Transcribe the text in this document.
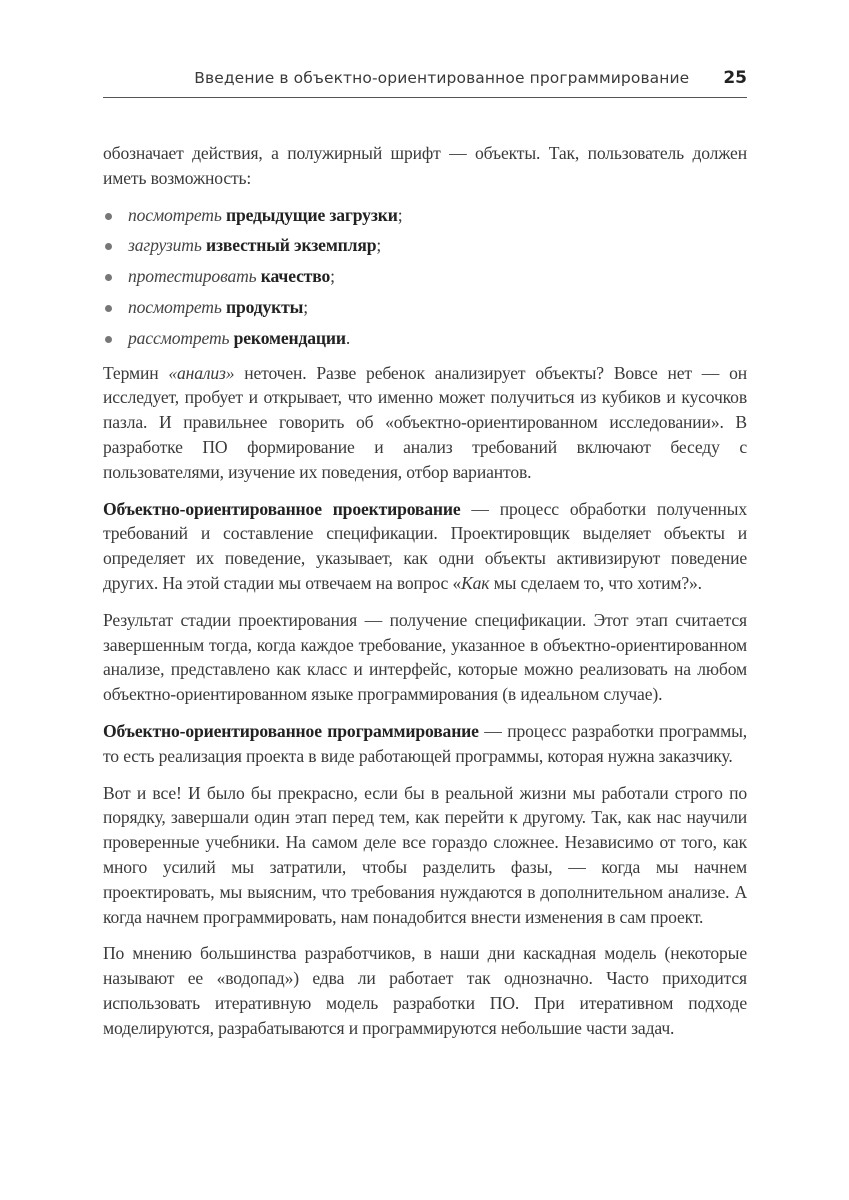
Введение в объектно-ориентированное программирование 25

обозначает действия, а полужирный шрифт — объекты. Так, пользователь должен иметь возможность:

посмотреть предыдущие загрузки;
загрузить известный экземпляр;
протестировать качество;
посмотреть продукты;
рассмотреть рекомендации.

Термин «анализ» неточен. Разве ребенок анализирует объекты? Вовсе нет — он исследует, пробует и открывает, что именно может получиться из кубиков и кусочков пазла. И правильнее говорить об «объектно-ориентированном исследовании». В разработке ПО формирование и анализ требований включают беседу с пользователями, изучение их поведения, отбор вариантов.

Объектно-ориентированное проектирование — процесс обработки полученных требований и составление спецификации. Проектировщик выделяет объекты и определяет их поведение, указывает, как одни объекты активизируют поведение других. На этой стадии мы отвечаем на вопрос «Как мы сделаем то, что хотим?».

Результат стадии проектирования — получение спецификации. Этот этап считается завершенным тогда, когда каждое требование, указанное в объектно-ориентированном анализе, представлено как класс и интерфейс, которые можно реализовать на любом объектно-ориентированном языке программирования (в идеальном случае).

Объектно-ориентированное программирование — процесс разработки программы, то есть реализация проекта в виде работающей программы, которая нужна заказчику.

Вот и все! И было бы прекрасно, если бы в реальной жизни мы работали строго по порядку, завершали один этап перед тем, как перейти к другому. Так, как нас научили проверенные учебники. На самом деле все гораздо сложнее. Независимо от того, как много усилий мы затратили, чтобы разделить фазы, — когда мы начнем проектировать, мы выясним, что требования нуждаются в дополнительном анализе. А когда начнем программировать, нам понадобится внести изменения в сам проект.

По мнению большинства разработчиков, в наши дни каскадная модель (некоторые называют ее «водопад») едва ли работает так однозначно. Часто приходится использовать итеративную модель разработки ПО. При итеративном подходе моделируются, разрабатываются и программируются небольшие части задач.
